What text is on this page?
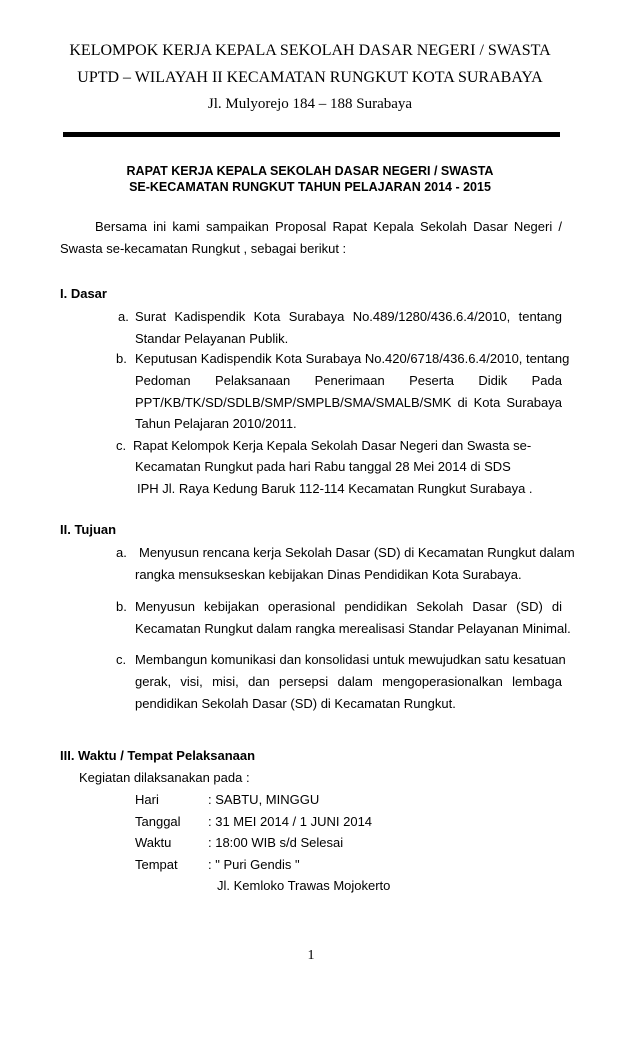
KELOMPOK KERJA KEPALA SEKOLAH DASAR NEGERI / SWASTA
UPTD – WILAYAH II KECAMATAN RUNGKUT KOTA SURABAYA
Jl. Mulyorejo 184 – 188 Surabaya
RAPAT KERJA KEPALA SEKOLAH DASAR NEGERI / SWASTA
SE-KECAMATAN RUNGKUT TAHUN PELAJARAN 2014 - 2015
Bersama ini kami sampaikan Proposal Rapat Kepala Sekolah Dasar Negeri /
Swasta se-kecamatan Rungkut , sebagai berikut :
I. Dasar
a. Surat Kadispendik Kota Surabaya No.489/1280/436.6.4/2010, tentang
Standar Pelayanan Publik.
b. Keputusan Kadispendik Kota Surabaya No.420/6718/436.6.4/2010, tentang
Pedoman Pelaksanaan Penerimaan Peserta Didik Pada
PPT/KB/TK/SD/SDLB/SMP/SMPLB/SMA/SMALB/SMK di Kota Surabaya
Tahun Pelajaran 2010/2011.
c. Rapat Kelompok Kerja Kepala Sekolah Dasar Negeri dan Swasta se-
Kecamatan Rungkut pada hari Rabu tanggal 28 Mei 2014 di SDS
IPH Jl. Raya Kedung Baruk 112-114 Kecamatan Rungkut Surabaya .
II. Tujuan
a. Menyusun rencana kerja Sekolah Dasar (SD) di Kecamatan Rungkut dalam
rangka mensukseskan kebijakan Dinas Pendidikan Kota Surabaya.
b. Menyusun kebijakan operasional pendidikan Sekolah Dasar (SD) di
Kecamatan Rungkut dalam rangka merealisasi Standar Pelayanan Minimal.
c. Membangun komunikasi dan konsolidasi untuk mewujudkan satu kesatuan
gerak, visi, misi, dan persepsi dalam mengoperasionalkan lembaga
pendidikan Sekolah Dasar (SD) di Kecamatan Rungkut.
III. Waktu / Tempat Pelaksanaan
Kegiatan dilaksanakan pada :
Hari	: SABTU, MINGGU
Tanggal : 31 MEI 2014 / 1 JUNI 2014
Waktu	: 18:00 WIB s/d Selesai
Tempat : " Puri Gendis "
Jl. Kemloko Trawas Mojokerto
1
